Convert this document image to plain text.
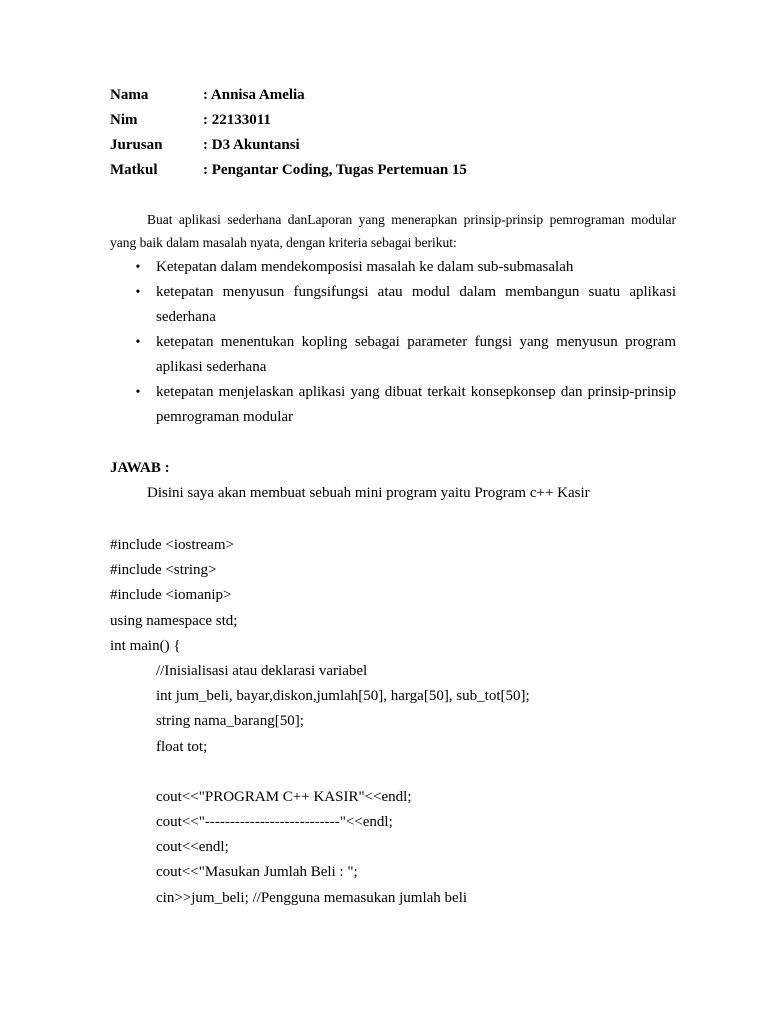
Nama	: Annisa Amelia
Nim	: 22133011
Jurusan	: D3 Akuntansi
Matkul	: Pengantar Coding, Tugas Pertemuan 15

Buat aplikasi sederhana danLaporan yang menerapkan prinsip-prinsip pemrograman modular yang baik dalam masalah nyata, dengan kriteria sebagai berikut:

• Ketepatan dalam mendekomposisi masalah ke dalam sub-submasalah
• ketepatan menyusun fungsifungsi atau modul dalam membangun suatu aplikasi sederhana
• ketepatan menentukan kopling sebagai parameter fungsi yang menyusun program aplikasi sederhana
• ketepatan menjelaskan aplikasi yang dibuat terkait konsepkonsep dan prinsip-prinsip pemrograman modular
JAWAB :
Disini saya akan membuat sebuah mini program yaitu Program c++ Kasir
#include <iostream>
#include <string>
#include <iomanip>
using namespace std;
int main() {
//Inisialisasi atau deklarasi variabel
int jum_beli, bayar,diskon,jumlah[50], harga[50], sub_tot[50];
string nama_barang[50];
float tot;
cout<<"PROGRAM C++ KASIR"<<endl;
cout<<"---------------------------"<<endl;
cout<<endl;
cout<<"Masukan Jumlah Beli : ";
cin>>jum_beli; //Pengguna memasukan jumlah beli
